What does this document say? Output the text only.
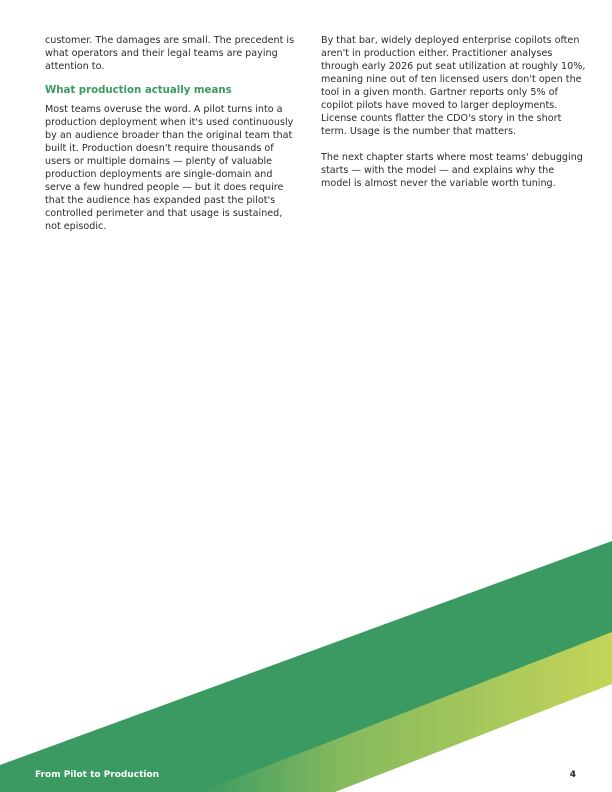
customer. The damages are small. The precedent is what operators and their legal teams are paying attention to.

What production actually means

Most teams overuse the word. A pilot turns into a production deployment when it's used continuously by an audience broader than the original team that built it. Production doesn't require thousands of users or multiple domains — plenty of valuable production deployments are single-domain and serve a few hundred people — but it does require that the audience has expanded past the pilot's controlled perimeter and that usage is sustained, not episodic.

By that bar, widely deployed enterprise copilots often aren't in production either. Practitioner analyses through early 2026 put seat utilization at roughly 10%, meaning nine out of ten licensed users don't open the tool in a given month. Gartner reports only 5% of copilot pilots have moved to larger deployments. License counts flatter the CDO's story in the short term. Usage is the number that matters.

The next chapter starts where most teams' debugging starts — with the model — and explains why the model is almost never the variable worth tuning.

From Pilot to Production	4
